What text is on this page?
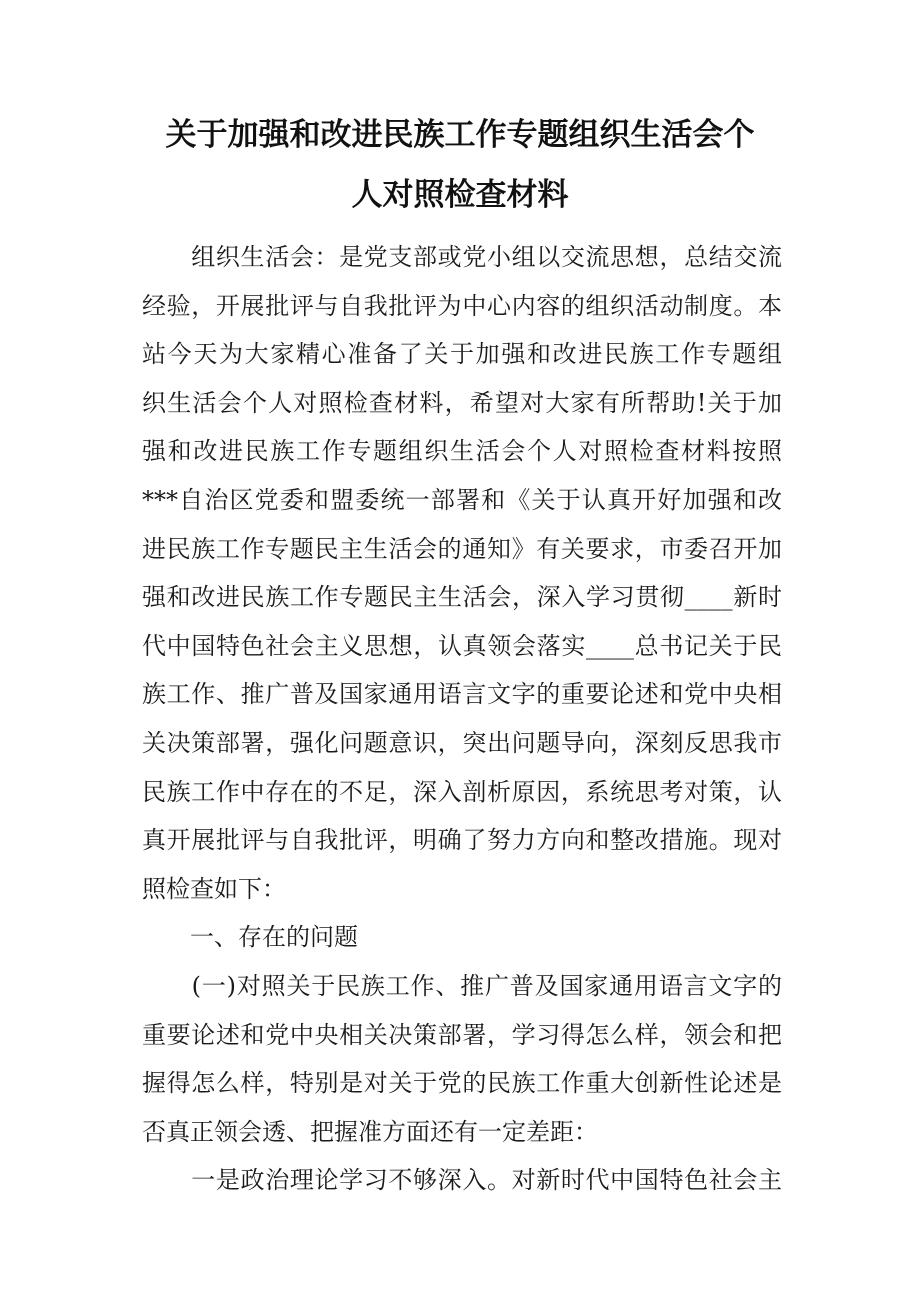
关于加强和改进民族工作专题组织生活会个
人对照检查材料
　　组织生活会：是党支部或党小组以交流思想，总结交流
经验，开展批评与自我批评为中心内容的组织活动制度。本
站今天为大家精心准备了关于加强和改进民族工作专题组
织生活会个人对照检查材料，希望对大家有所帮助!关于加
强和改进民族工作专题组织生活会个人对照检查材料按照
***自治区党委和盟委统一部署和《关于认真开好加强和改
进民族工作专题民主生活会的通知》有关要求，市委召开加
强和改进民族工作专题民主生活会，深入学习贯彻____新时
代中国特色社会主义思想，认真领会落实____总书记关于民
族工作、推广普及国家通用语言文字的重要论述和党中央相
关决策部署，强化问题意识，突出问题导向，深刻反思我市
民族工作中存在的不足，深入剖析原因，系统思考对策，认
真开展批评与自我批评，明确了努力方向和整改措施。现对
照检查如下：
　　一、存在的问题
　　(一)对照关于民族工作、推广普及国家通用语言文字的
重要论述和党中央相关决策部署，学习得怎么样，领会和把
握得怎么样，特别是对关于党的民族工作重大创新性论述是
否真正领会透、把握准方面还有一定差距：
　　一是政治理论学习不够深入。对新时代中国特色社会主
